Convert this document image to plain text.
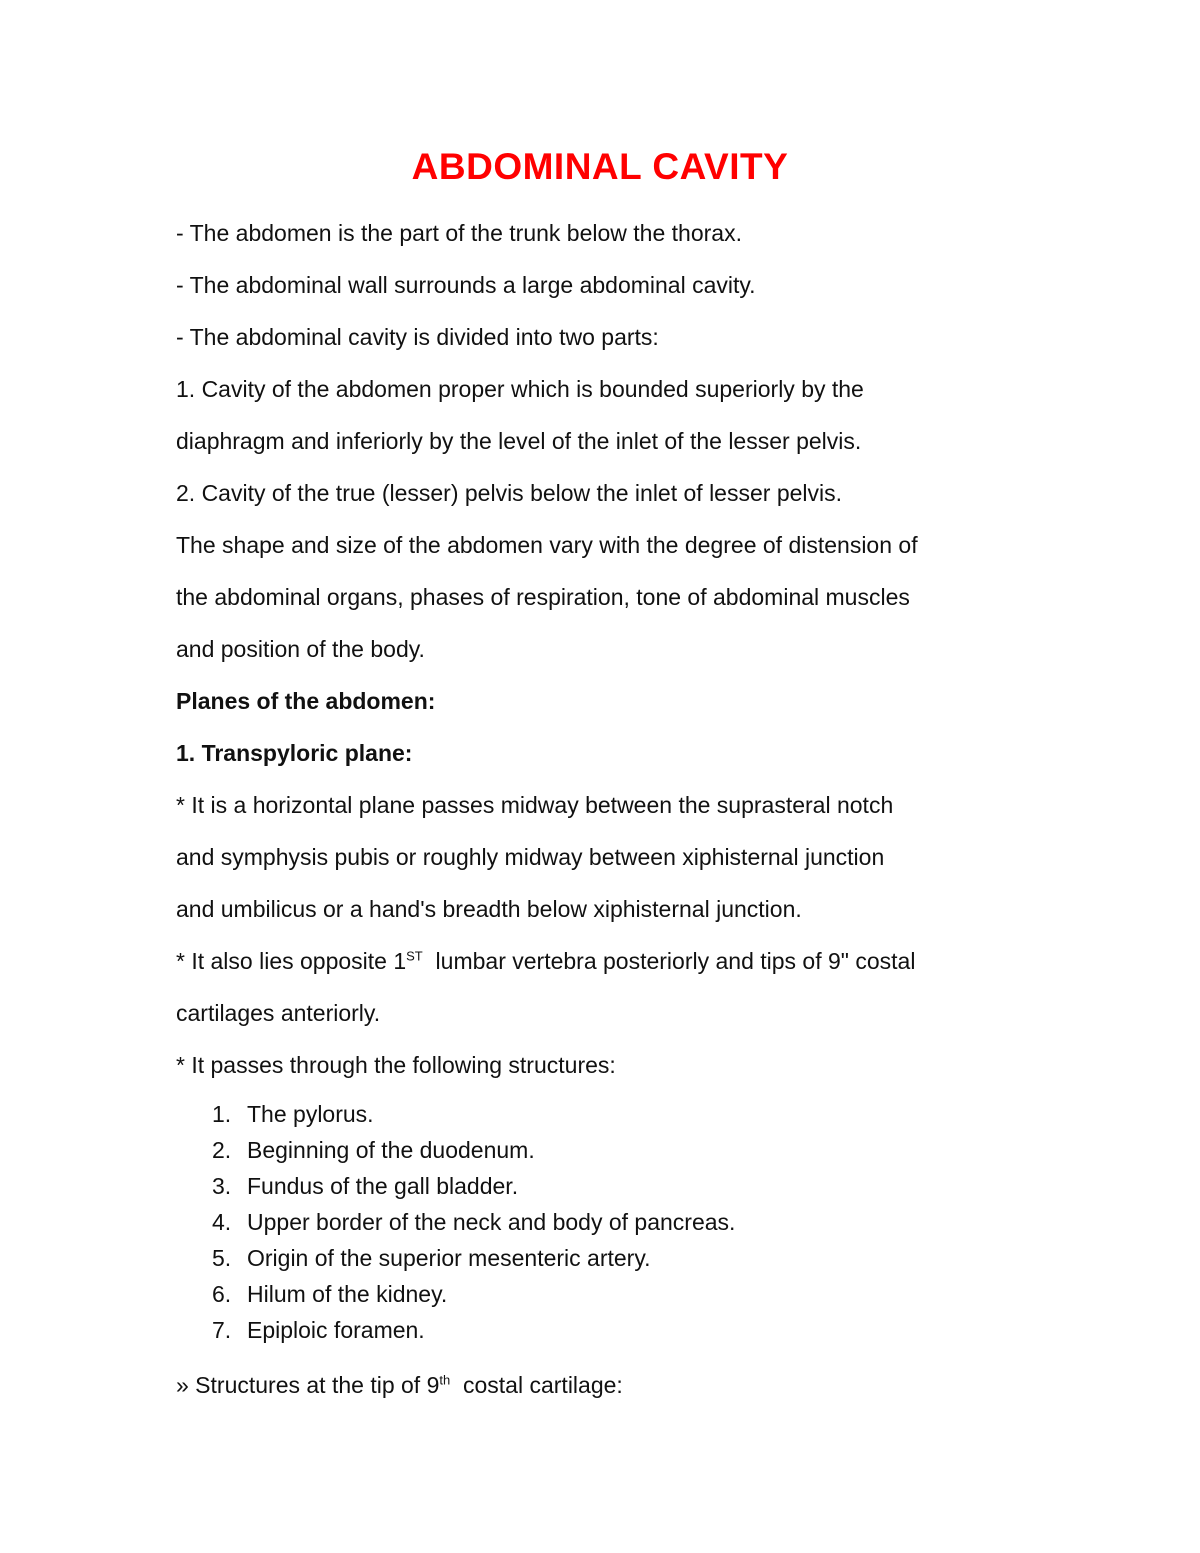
ABDOMINAL CAVITY
- The abdomen is the part of the trunk below the thorax.
- The abdominal wall surrounds a large abdominal cavity.
- The abdominal cavity is divided into two parts:
1. Cavity of the abdomen proper which is bounded superiorly by the
diaphragm and inferiorly by the level of the inlet of the lesser pelvis.
2. Cavity of the true (lesser) pelvis below the inlet of lesser pelvis.
The shape and size of the abdomen vary with the degree of distension of
the abdominal organs, phases of respiration, tone of abdominal muscles
and position of the body.
Planes of the abdomen:
1. Transpyloric plane:
* It is a horizontal plane passes midway between the suprasteral notch
and symphysis pubis or roughly midway between xiphisternal junction
and umbilicus or a hand's breadth below xiphisternal junction.
* It also lies opposite 1ST  lumbar vertebra posteriorly and tips of 9" costal
cartilages anteriorly.
* It passes through the following structures:
1. The pylorus.
2. Beginning of the duodenum.
3. Fundus of the gall bladder.
4. Upper border of the neck and body of pancreas.
5. Origin of the superior mesenteric artery.
6. Hilum of the kidney.
7. Epiploic foramen.
» Structures at the tip of 9th  costal cartilage:
